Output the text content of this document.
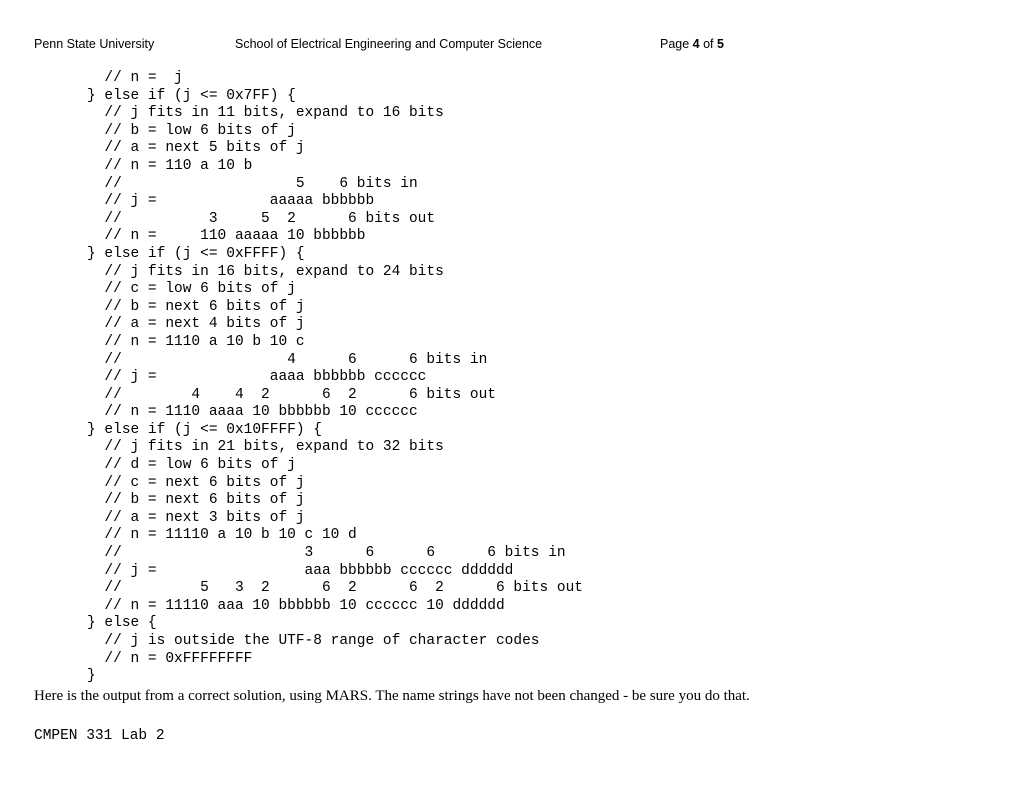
Penn State University	School of Electrical Engineering and Computer Science	Page 4 of 5
// n =  j
} else if (j <= 0x7FF) {
// j fits in 11 bits, expand to 16 bits
// b = low 6 bits of j
// a = next 5 bits of j
// n = 110 a 10 b
//                    5    6 bits in
// j =             aaaaa bbbbbb
//          3     5  2      6 bits out
// n =     110 aaaaa 10 bbbbbb
} else if (j <= 0xFFFF) {
// j fits in 16 bits, expand to 24 bits
// c = low 6 bits of j
// b = next 6 bits of j
// a = next 4 bits of j
// n = 1110 a 10 b 10 c
//                   4      6      6 bits in
// j =             aaaa bbbbbb cccccc
//        4    4  2      6  2      6 bits out
// n = 1110 aaaa 10 bbbbbb 10 cccccc
} else if (j <= 0x10FFFF) {
// j fits in 21 bits, expand to 32 bits
// d = low 6 bits of j
// c = next 6 bits of j
// b = next 6 bits of j
// a = next 3 bits of j
// n = 11110 a 10 b 10 c 10 d
//                     3      6      6      6 bits in
// j =                 aaa bbbbbb cccccc dddddd
//         5   3  2      6  2      6  2      6 bits out
// n = 11110 aaa 10 bbbbbb 10 cccccc 10 dddddd
} else {
// j is outside the UTF-8 range of character codes
// n = 0xFFFFFFFF
}

Here is the output from a correct solution, using MARS. The name strings have not been changed - be sure you do that.

CMPEN 331 Lab 2
